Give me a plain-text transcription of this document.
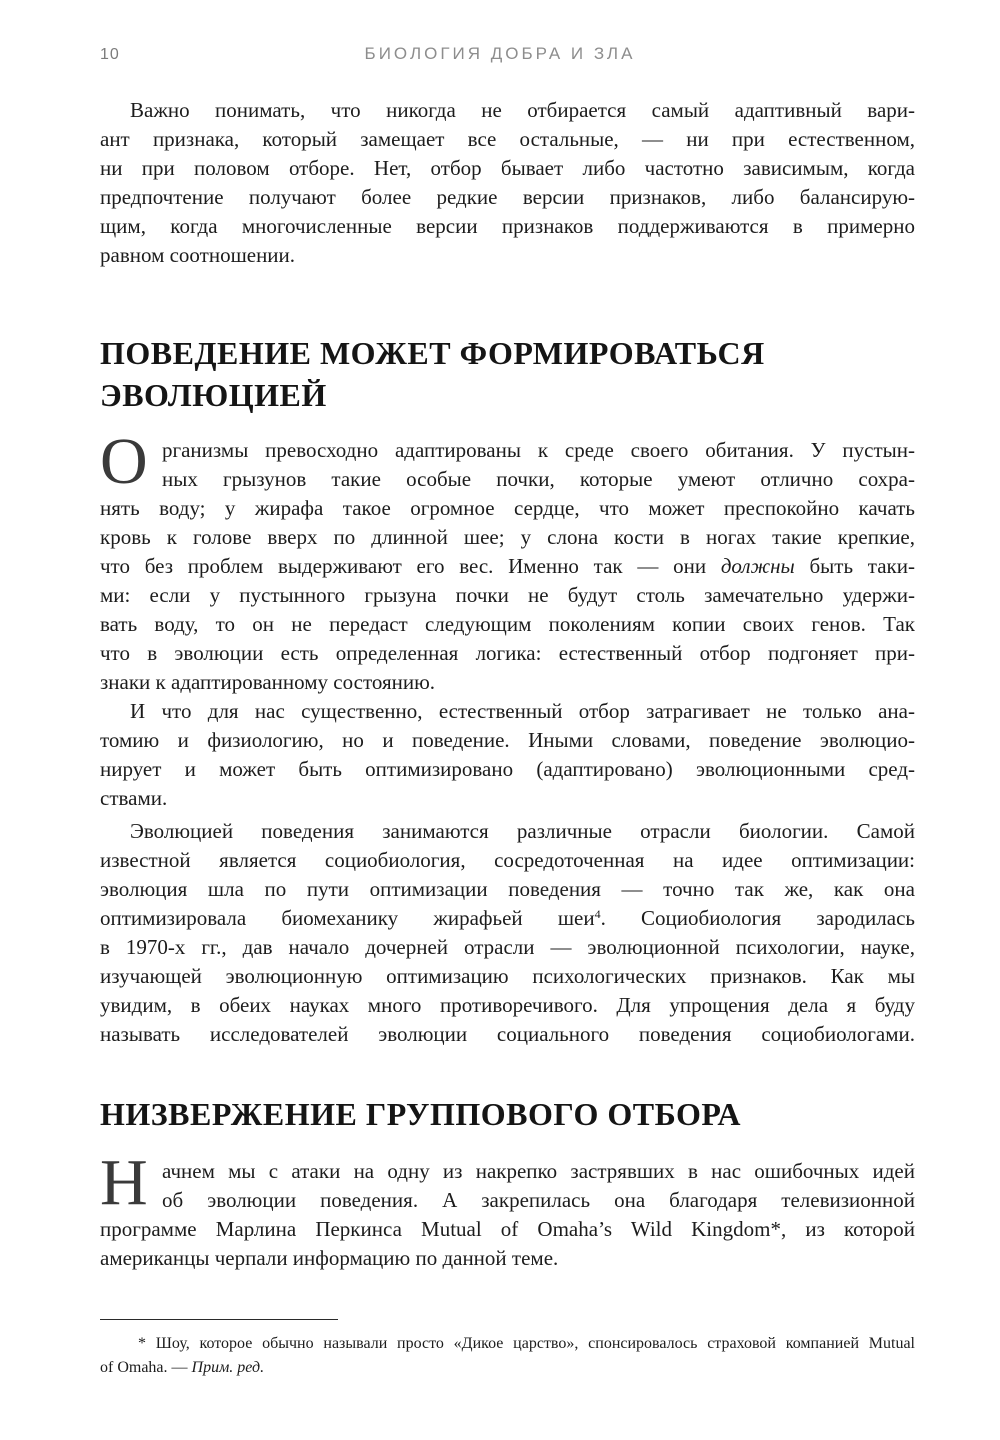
10	БИОЛОГИЯ ДОБРА И ЗЛА
Важно понимать, что никогда не отбирается самый адаптивный вари-
ант признака, который замещает все остальные, — ни при естественном,
ни при половом отборе. Нет, отбор бывает либо частотно зависимым, когда
предпочтение получают более редкие версии признаков, либо балансирую-
щим, когда многочисленные версии признаков поддерживаются в примерно
равном соотношении.
ПОВЕДЕНИЕ МОЖЕТ ФОРМИРОВАТЬСЯ
ЭВОЛЮЦИЕЙ
О рганизмы превосходно адаптированы к среде своего обитания. У пустын-
ных грызунов такие особые почки, которые умеют отлично сохра-
нять воду; у жирафа такое огромное сердце, что может преспокойно качать
кровь к голове вверх по длинной шее; у слона кости в ногах такие крепкие,
что без проблем выдерживают его вес. Именно так — они должны быть таки-
ми: если у пустынного грызуна почки не будут столь замечательно удержи-
вать воду, то он не передаст следующим поколениям копии своих генов. Так
что в эволюции есть определенная логика: естественный отбор подгоняет при-
знаки к адаптированному состоянию.
И что для нас существенно, естественный отбор затрагивает не только ана-
томию и физиологию, но и поведение. Иными словами, поведение эволюцио-
нирует и может быть оптимизировано (адаптировано) эволюционными сред-
ствами.
Эволюцией поведения занимаются различные отрасли биологии. Самой
известной является социобиология, сосредоточенная на идее оптимизации:
эволюция шла по пути оптимизации поведения — точно так же, как она
оптимизировала биомеханику жирафьей шеи$^4$. Социобиология зародилась
в 1970-х гг., дав начало дочерней отрасли — эволюционной психологии, науке,
изучающей эволюционную оптимизацию психологических признаков. Как мы
увидим, в обеих науках много противоречивого. Для упрощения дела я буду
называть исследователей эволюции социального поведения социобиологами.
НИЗВЕРЖЕНИЕ ГРУППОВОГО ОТБОРА
Н ачнем мы с атаки на одну из накрепко застрявших в нас ошибочных идей
об эволюции поведения. А закрепилась она благодаря телевизионной
программе Марлина Перкинса Mutual of Omaha’s Wild Kingdom*, из которой
американцы черпали информацию по данной теме.
* Шоу, которое обычно называли просто «Дикое царство», спонсировалось страховой компанией Mutual
of Omaha. — Прим. ред.
